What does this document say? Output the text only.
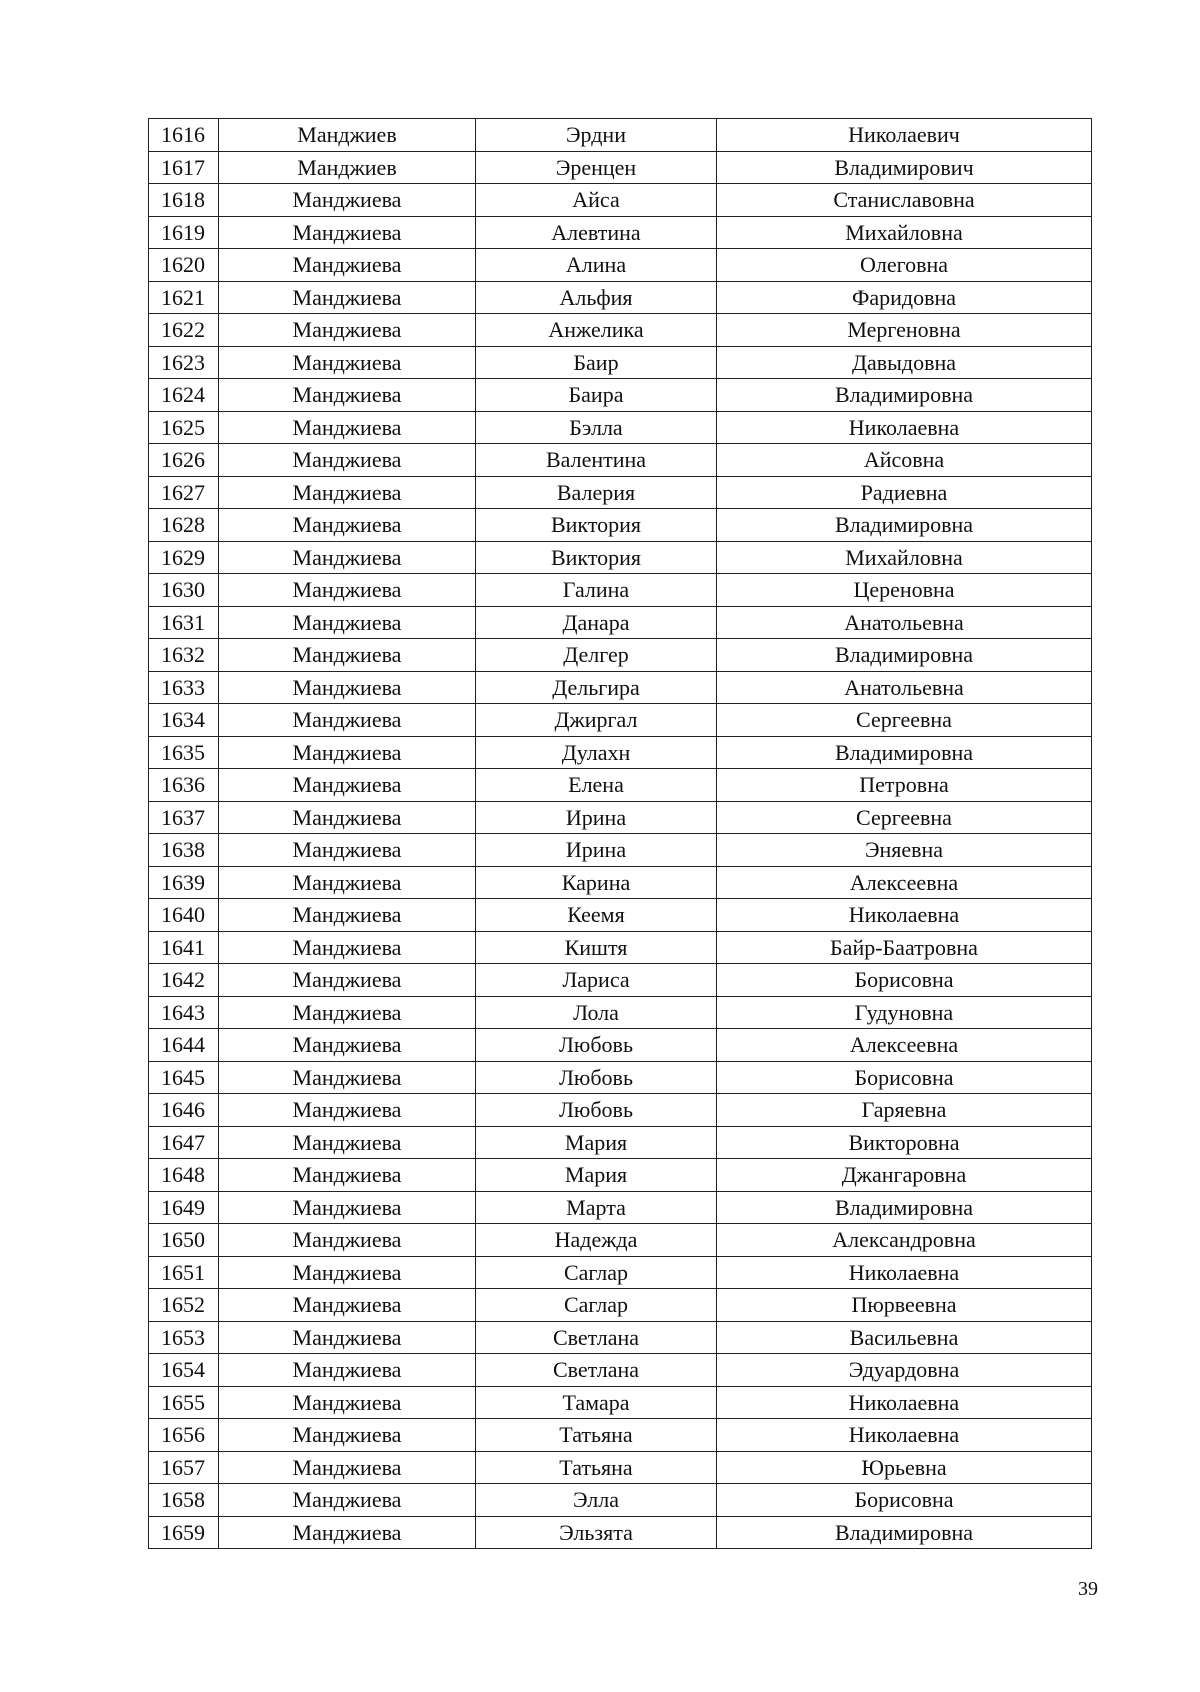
1616	Манджиев	Эрдни	Николаевич
1617	Манджиев	Эренцен	Владимирович
1618	Манджиева	Айса	Станиславовна
1619	Манджиева	Алевтина	Михайловна
1620	Манджиева	Алина	Олеговна
1621	Манджиева	Альфия	Фаридовна
1622	Манджиева	Анжелика	Мергеновна
1623	Манджиева	Баир	Давыдовна
1624	Манджиева	Баира	Владимировна
1625	Манджиева	Бэлла	Николаевна
1626	Манджиева	Валентина	Айсовна
1627	Манджиева	Валерия	Радиевна
1628	Манджиева	Виктория	Владимировна
1629	Манджиева	Виктория	Михайловна
1630	Манджиева	Галина	Цереновна
1631	Манджиева	Данара	Анатольевна
1632	Манджиева	Делгер	Владимировна
1633	Манджиева	Дельгира	Анатольевна
1634	Манджиева	Джиргал	Сергеевна
1635	Манджиева	Дулахн	Владимировна
1636	Манджиева	Елена	Петровна
1637	Манджиева	Ирина	Сергеевна
1638	Манджиева	Ирина	Эняевна
1639	Манджиева	Карина	Алексеевна
1640	Манджиева	Кеемя	Николаевна
1641	Манджиева	Киштя	Байр-Баатровна
1642	Манджиева	Лариса	Борисовна
1643	Манджиева	Лола	Гудуновна
1644	Манджиева	Любовь	Алексеевна
1645	Манджиева	Любовь	Борисовна
1646	Манджиева	Любовь	Гаряевна
1647	Манджиева	Мария	Викторовна
1648	Манджиева	Мария	Джангаровна
1649	Манджиева	Марта	Владимировна
1650	Манджиева	Надежда	Александровна
1651	Манджиева	Саглар	Николаевна
1652	Манджиева	Саглар	Пюрвеевна
1653	Манджиева	Светлана	Васильевна
1654	Манджиева	Светлана	Эдуардовна
1655	Манджиева	Тамара	Николаевна
1656	Манджиева	Татьяна	Николаевна
1657	Манджиева	Татьяна	Юрьевна
1658	Манджиева	Элла	Борисовна
1659	Манджиева	Эльзята	Владимировна
39
